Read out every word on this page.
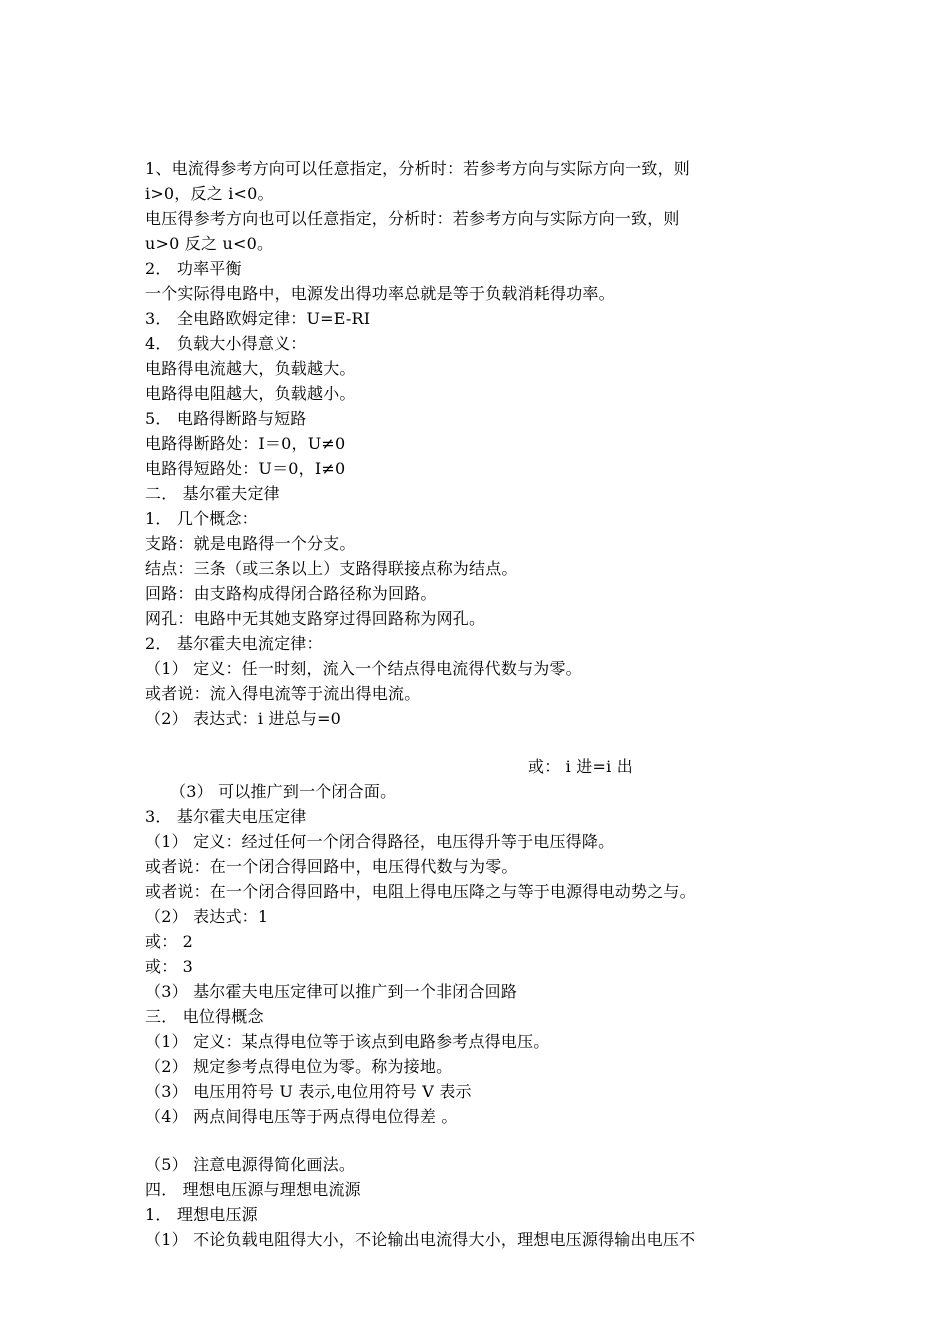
1、电流得参考方向可以任意指定，分析时：若参考方向与实际方向一致，则
i>0，反之 i<0。
电压得参考方向也可以任意指定，分析时：若参考方向与实际方向一致，则
u>0 反之 u<0。
2． 功率平衡
一个实际得电路中，电源发出得功率总就是等于负载消耗得功率。
3． 全电路欧姆定律：U=E-RI
4． 负载大小得意义：
电路得电流越大，负载越大。
电路得电阻越大，负载越小。
5． 电路得断路与短路
电路得断路处：I＝0，U≠0
电路得短路处：U＝0，I≠0
二． 基尔霍夫定律
1． 几个概念：
支路：就是电路得一个分支。
结点：三条（或三条以上）支路得联接点称为结点。
回路：由支路构成得闭合路径称为回路。
网孔：电路中无其她支路穿过得回路称为网孔。
2． 基尔霍夫电流定律：
（1） 定义：任一时刻，流入一个结点得电流得代数与为零。
或者说：流入得电流等于流出得电流。
（2） 表达式：i 进总与=0
或： i 进=i 出
（3） 可以推广到一个闭合面。
3． 基尔霍夫电压定律
（1） 定义：经过任何一个闭合得路径，电压得升等于电压得降。
或者说：在一个闭合得回路中，电压得代数与为零。
或者说：在一个闭合得回路中，电阻上得电压降之与等于电源得电动势之与。
（2） 表达式：1
或： 2
或： 3
（3） 基尔霍夫电压定律可以推广到一个非闭合回路
三． 电位得概念
（1） 定义：某点得电位等于该点到电路参考点得电压。
（2） 规定参考点得电位为零。称为接地。
（3） 电压用符号 U 表示,电位用符号 V 表示
（4） 两点间得电压等于两点得电位得差 。
（5） 注意电源得简化画法。
四． 理想电压源与理想电流源
1． 理想电压源
（1） 不论负载电阻得大小，不论输出电流得大小，理想电压源得输出电压不
